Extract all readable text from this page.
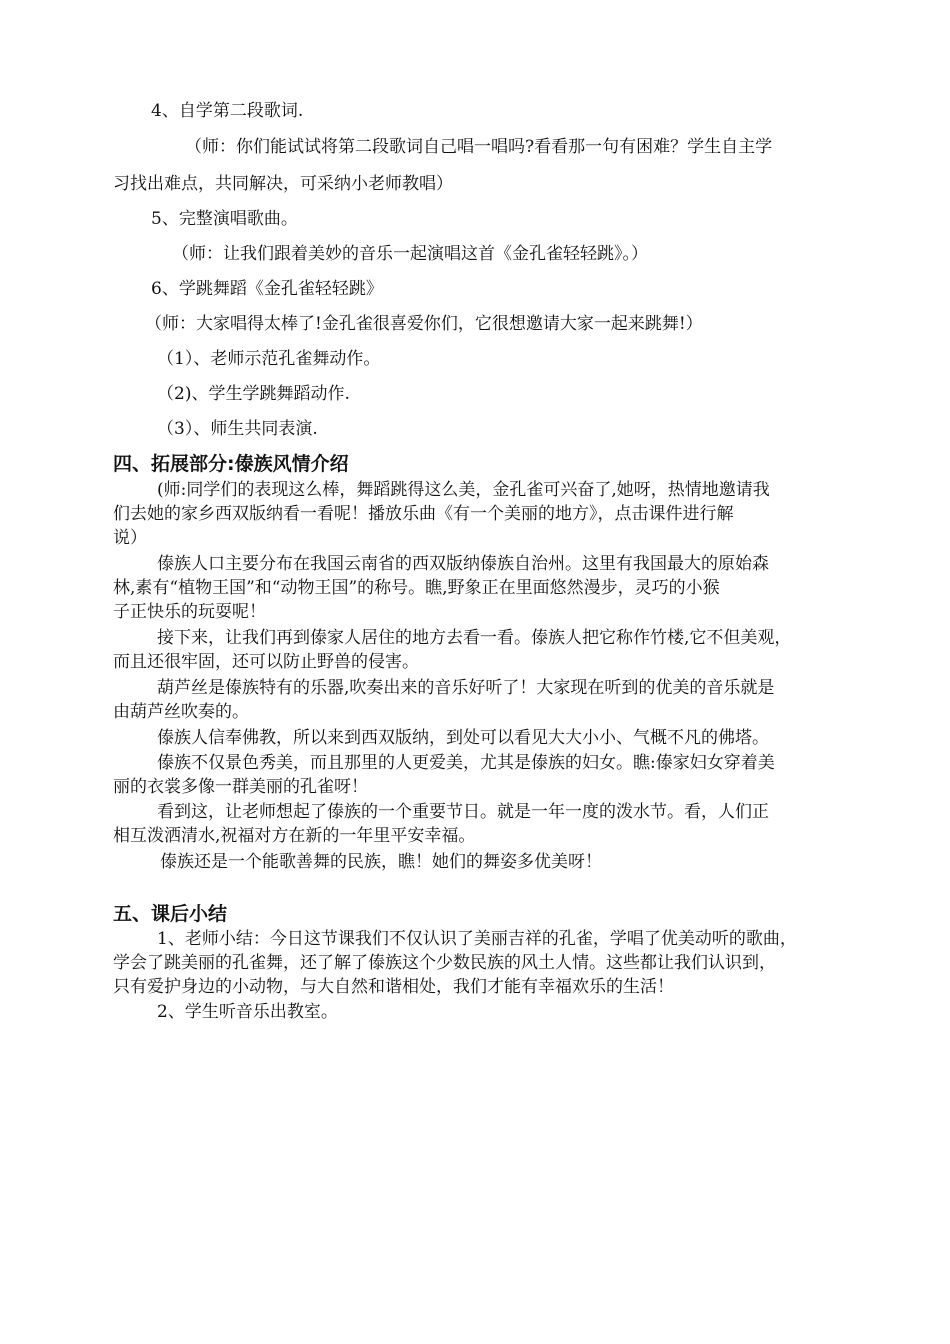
4、自学第二段歌词.
（师：你们能试试将第二段歌词自己唱一唱吗?看看那一句有困难？学生自主学
习找出难点，共同解决，可采纳小老师教唱）
5、完整演唱歌曲。
（师：让我们跟着美妙的音乐一起演唱这首《金孔雀轻轻跳》。）
6、学跳舞蹈《金孔雀轻轻跳》
（师：大家唱得太棒了!金孔雀很喜爱你们，它很想邀请大家一起来跳舞!）
（1）、老师示范孔雀舞动作。
（2)、学生学跳舞蹈动作.
（3）、师生共同表演.
四、拓展部分:傣族风情介绍
(师:同学们的表现这么棒，舞蹈跳得这么美，金孔雀可兴奋了,她呀，热情地邀请我
们去她的家乡西双版纳看一看呢！播放乐曲《有一个美丽的地方》，点击课件进行解
说）
傣族人口主要分布在我国云南省的西双版纳傣族自治州。这里有我国最大的原始森
林,素有“植物王国”和“动物王国”的称号。瞧,野象正在里面悠然漫步，灵巧的小猴
子正快乐的玩耍呢！
接下来，让我们再到傣家人居住的地方去看一看。傣族人把它称作竹楼,它不但美观，
而且还很牢固，还可以防止野兽的侵害。
葫芦丝是傣族特有的乐器,吹奏出来的音乐好听了！大家现在听到的优美的音乐就是
由葫芦丝吹奏的。
傣族人信奉佛教，所以来到西双版纳，到处可以看见大大小小、气概不凡的佛塔。
傣族不仅景色秀美，而且那里的人更爱美，尤其是傣族的妇女。瞧:傣家妇女穿着美
丽的衣裳多像一群美丽的孔雀呀！
看到这，让老师想起了傣族的一个重要节日。就是一年一度的泼水节。看，人们正
相互泼洒清水,祝福对方在新的一年里平安幸福。
傣族还是一个能歌善舞的民族，瞧！她们的舞姿多优美呀！
五、课后小结
1、老师小结：今日这节课我们不仅认识了美丽吉祥的孔雀，学唱了优美动听的歌曲，
学会了跳美丽的孔雀舞，还了解了傣族这个少数民族的风土人情。这些都让我们认识到，
只有爱护身边的小动物，与大自然和谐相处，我们才能有幸福欢乐的生活！
2、学生听音乐出教室。
